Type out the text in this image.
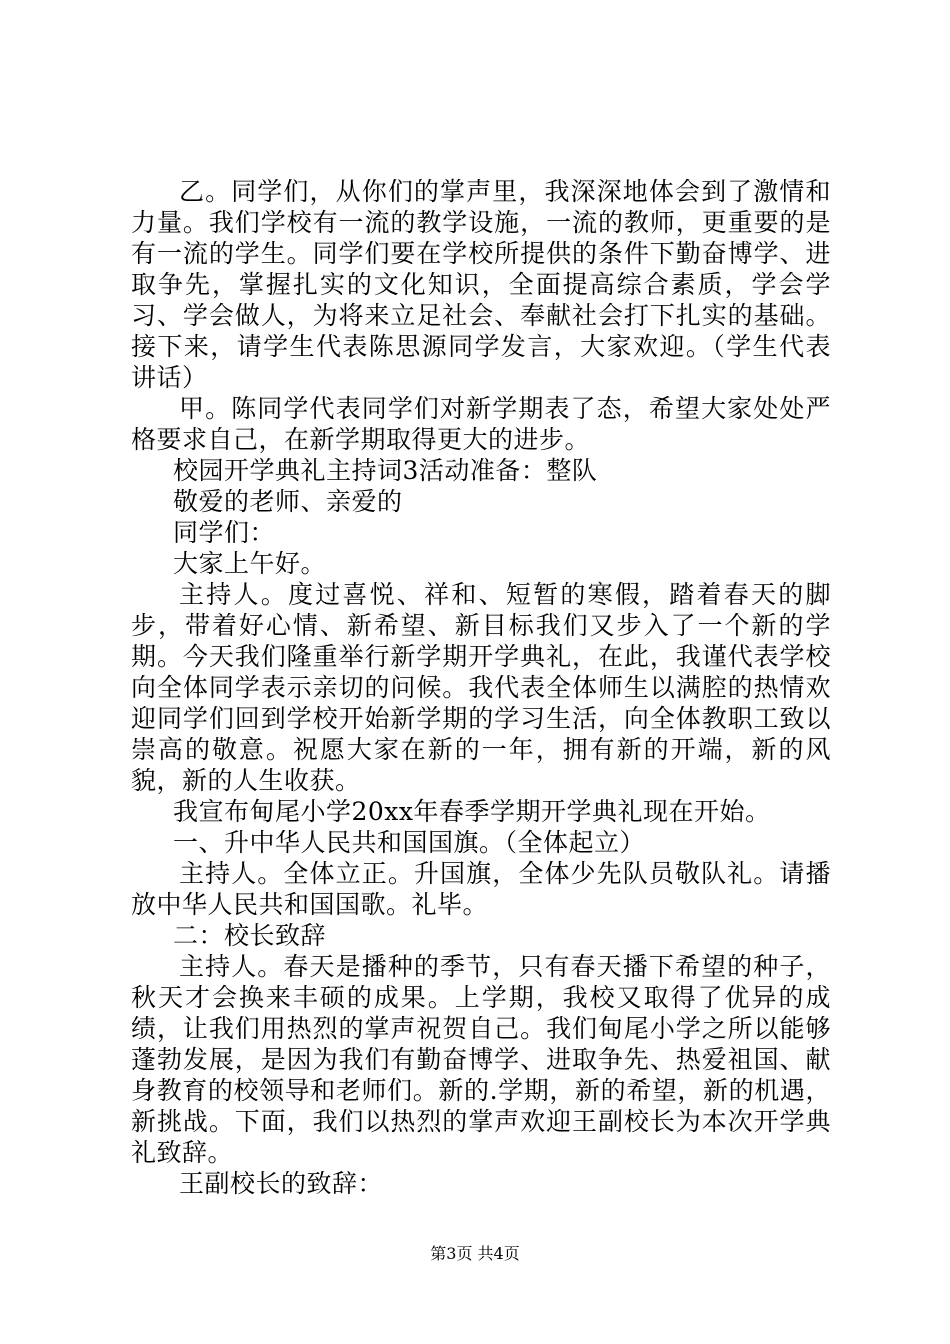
乙。同学们，从你们的掌声里，我深深地体会到了激情和力量。我们学校有一流的教学设施，一流的教师，更重要的是有一流的学生。同学们要在学校所提供的条件下勤奋博学、进取争先，掌握扎实的文化知识，全面提高综合素质，学会学习、学会做人，为将来立足社会、奉献社会打下扎实的基础。接下来，请学生代表陈思源同学发言，大家欢迎。（学生代表讲话）

甲。陈同学代表同学们对新学期表了态，希望大家处处严格要求自己，在新学期取得更大的进步。

校园开学典礼主持词3活动准备：整队

敬爱的老师、亲爱的

同学们：

大家上午好。

主持人。度过喜悦、祥和、短暂的寒假，踏着春天的脚步，带着好心情、新希望、新目标我们又步入了一个新的学期。今天我们隆重举行新学期开学典礼，在此，我谨代表学校向全体同学表示亲切的问候。我代表全体师生以满腔的热情欢迎同学们回到学校开始新学期的学习生活，向全体教职工致以崇高的敬意。祝愿大家在新的一年，拥有新的开端，新的风貌，新的人生收获。

我宣布甸尾小学20xx年春季学期开学典礼现在开始。

一、升中华人民共和国国旗。（全体起立）

主持人。全体立正。升国旗，全体少先队员敬队礼。请播放中华人民共和国国歌。礼毕。

二：校长致辞

主持人。春天是播种的季节，只有春天播下希望的种子，秋天才会换来丰硕的成果。上学期，我校又取得了优异的成绩，让我们用热烈的掌声祝贺自己。我们甸尾小学之所以能够蓬勃发展，是因为我们有勤奋博学、进取争先、热爱祖国、献身教育的校领导和老师们。新的.学期，新的希望，新的机遇，新挑战。下面，我们以热烈的掌声欢迎王副校长为本次开学典礼致辞。

王副校长的致辞：

第3页 共4页
